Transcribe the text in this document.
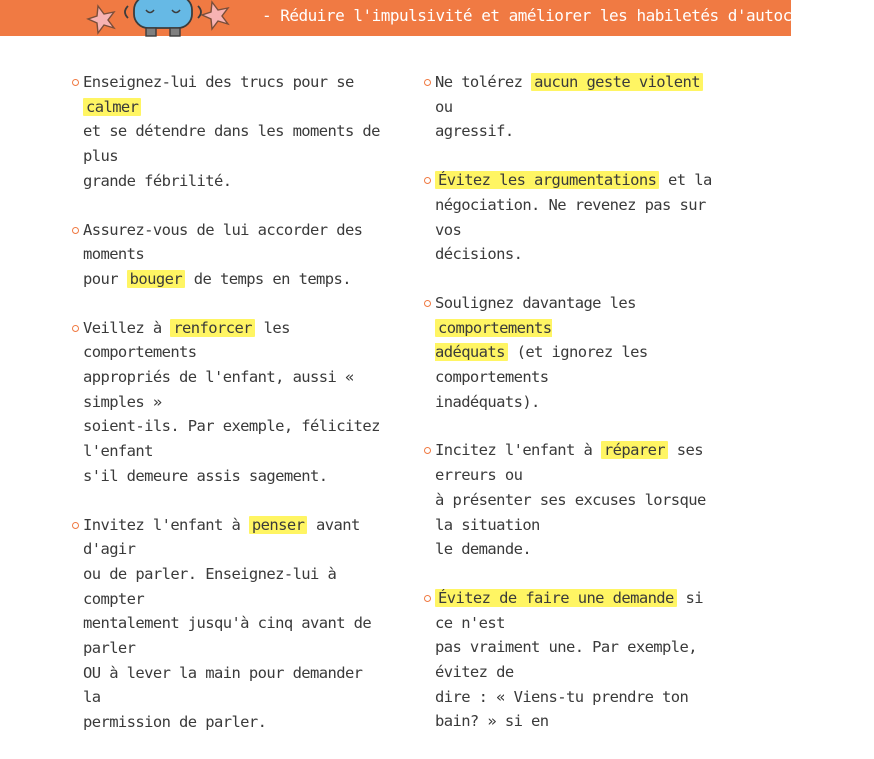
- Réduire l'impulsivité et améliorer les habiletés d'autocontrôle -
Enseignez-lui des trucs pour se calmer
et se détendre dans les moments de plus
grande fébrilité.
Assurez-vous de lui accorder des moments
pour bouger de temps en temps.
Veillez à renforcer les comportements
appropriés de l'enfant, aussi « simples »
soient-ils. Par exemple, félicitez l'enfant
s'il demeure assis sagement.
Invitez l'enfant à penser avant d'agir
ou de parler. Enseignez-lui à compter
mentalement jusqu'à cinq avant de parler
OU à lever la main pour demander la
permission de parler.
Ne tolérez aucun geste violent ou
agressif.
Évitez les argumentations et la
négociation. Ne revenez pas sur vos
décisions.
Soulignez davantage les comportements
adéquats (et ignorez les comportements
inadéquats).
Incitez l'enfant à réparer ses erreurs ou
à présenter ses excuses lorsque la situation
le demande.
Évitez de faire une demande si ce n'est
pas vraiment une. Par exemple, évitez de
dire : « Viens-tu prendre ton bain? » si en
